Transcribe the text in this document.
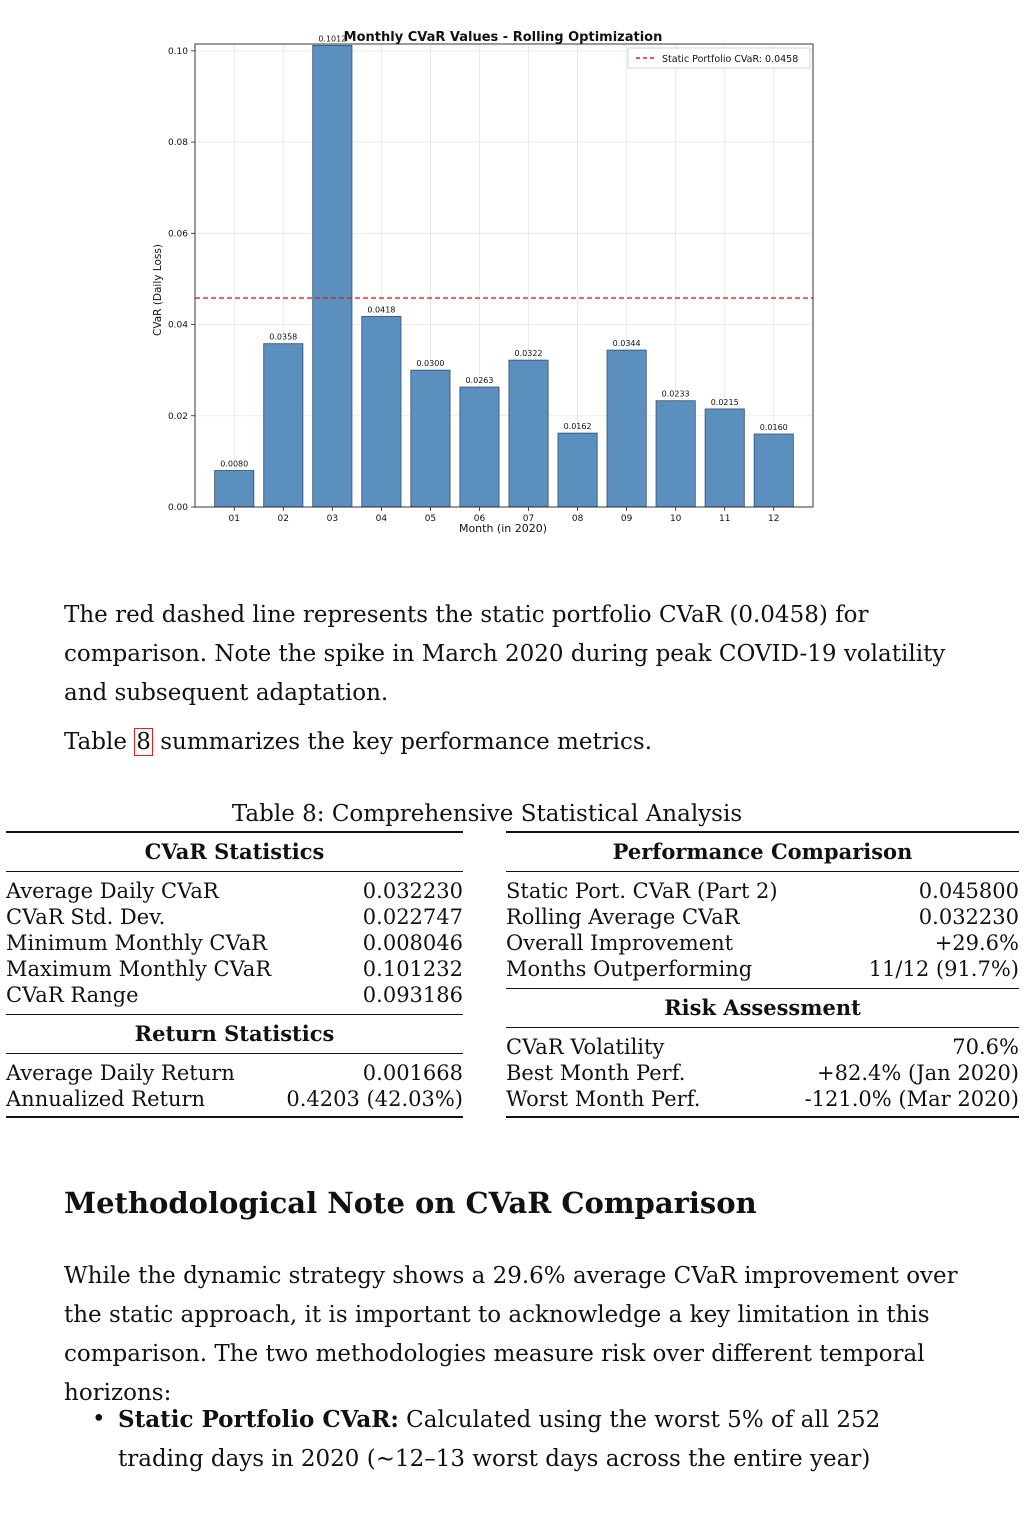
Monthly CVaR Values - Rolling Optimization
0.0080
0.0358
0.1012
0.0418
0.0300
0.0263
0.0322
0.0162
0.0344
0.0233
0.0215
0.0160
0.00
0.02
0.04
0.06
0.08
0.10
01	02	03	04	05	06	07	08	09	10	11	12
Static Portfolio CVaR: 0.0458
Month (in 2020)
CVaR (Daily Loss)

The red dashed line represents the static portfolio CVaR (0.0458) for comparison. Note the spike in March 2020 during peak COVID-19 volatility and subsequent adaptation.

Table 8 summarizes the key performance metrics.

Table 8: Comprehensive Statistical Analysis
CVaR Statistics	
Average Daily CVaR	0.032230
CVaR Std. Dev.	0.022747
Minimum Monthly CVaR	0.008046
Maximum Monthly CVaR	0.101232
CVaR Range	0.093186
Return Statistics	
Average Daily Return	0.001668
Annualized Return	0.4203 (42.03%)
Performance Comparison	
Static Port. CVaR (Part 2)	0.045800
Rolling Average CVaR	0.032230
Overall Improvement	+29.6%
Months Outperforming	11/12 (91.7%)
Risk Assessment	
CVaR Volatility	70.6%
Best Month Perf.	+82.4% (Jan 2020)
Worst Month Perf.	-121.0% (Mar 2020)
Methodological Note on CVaR Comparison

While the dynamic strategy shows a 29.6% average CVaR improvement over the static approach, it is important to acknowledge a key limitation in this comparison. The two methodologies measure risk over different temporal horizons:

• Static Portfolio CVaR: Calculated using the worst 5% of all 252 trading days in 2020 (∼12–13 worst days across the entire year)
